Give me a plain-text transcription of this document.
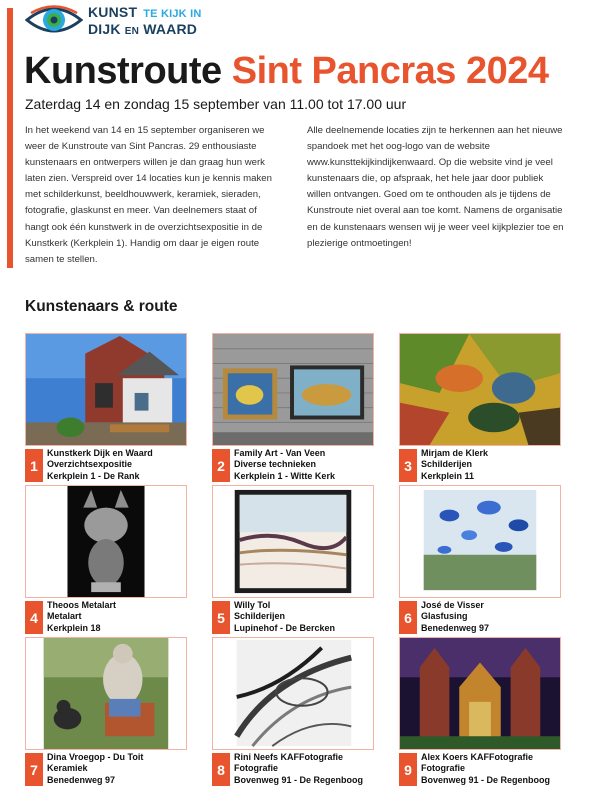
KUNST TE KIJK IN
DIJK EN WAARD
Kunstroute Sint Pancras 2024
Zaterdag 14 en zondag 15 september van 11.00 tot 17.00 uur

In het weekend van 14 en 15 september organiseren we weer de Kunstroute van Sint Pancras. 29 enthousiaste kunstenaars en ontwerpers willen je dan graag hun werk laten zien. Verspreid over 14 locaties kun je kennis maken met schilderkunst, beeldhouwwerk, keramiek, sieraden, fotografie, glaskunst en meer. Van deelnemers staat of hangt ook één kunstwerk in de overzichtsexpositie in de Kunstkerk (Kerkplein 1). Handig om daar je eigen route samen te stellen.

Alle deelnemende locaties zijn te herkennen aan het nieuwe spandoek met het oog-logo van de website www.kunsttekijkindijkenwaard. Op die website vind je veel kunstenaars die, op afspraak, het hele jaar door publiek willen ontvangen. Goed om te onthouden als je tijdens de Kunstroute niet overal aan toe komt. Namens de organisatie en de kunstenaars wensen wij je weer veel kijkplezier toe en plezierige ontmoetingen!

Kunstenaars & route
1
Kunstkerk Dijk en Waard
Overzichtsexpositie
Kerkplein 1 - De Rank
2
Family Art - Van Veen
Diverse technieken
Kerkplein 1 - Witte Kerk
3
Mirjam de Klerk
Schilderijen
Kerkplein 11
4
Theoos Metalart
Metalart
Kerkplein 18
5
Willy Tol
Schilderijen
Lupinehof - De Bercken
6
José de Visser
Glasfusing
Benedenweg 97
7
Dina Vroegop - Du Toit
Keramiek
Benedenweg 97
8
Rini Neefs KAFFotografie
Fotografie
Bovenweg 91 - De Regenboog
9
Alex Koers KAFFotografie
Fotografie
Bovenweg 91 - De Regenboog
